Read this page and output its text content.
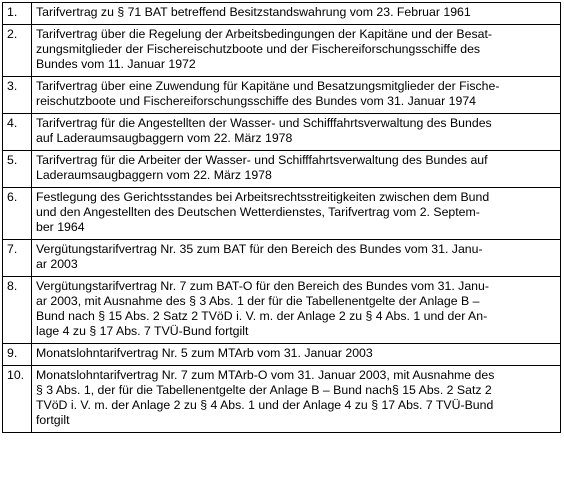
1.	Tarifvertrag zu § 71 BAT betreffend Besitzstandswahrung vom 23. Februar 1961

2.	Tarifvertrag über die Regelung der Arbeitsbedingungen der Kapitäne und der Besat-
zungsmitglieder der Fischereischutzboote und der Fischereiforschungsschiffe des
Bundes vom 11. Januar 1972

3.	Tarifvertrag über eine Zuwendung für Kapitäne und Besatzungsmitglieder der Fische-
reischutzboote und Fischereiforschungsschiffe des Bundes vom 31. Januar 1974

4.	Tarifvertrag für die Angestellten der Wasser- und Schifffahrtsverwaltung des Bundes
auf Laderaumsaugbaggern vom 22. März 1978

5.	Tarifvertrag für die Arbeiter der Wasser- und Schifffahrtsverwaltung des Bundes auf
Laderaumsaugbaggern vom 22. März 1978

6.	Festlegung des Gerichtsstandes bei Arbeitsrechtsstreitigkeiten zwischen dem Bund
und den Angestellten des Deutschen Wetterdienstes, Tarifvertrag vom 2. Septem-
ber 1964

7.	Vergütungstarifvertrag Nr. 35 zum BAT für den Bereich des Bundes vom 31. Janu-
ar 2003

8.	Vergütungstarifvertrag Nr. 7 zum BAT-O für den Bereich des Bundes vom 31. Janu-
ar 2003, mit Ausnahme des § 3 Abs. 1 der für die Tabellenentgelte der Anlage B –
Bund nach § 15 Abs. 2 Satz 2 TVöD i. V. m. der Anlage 2 zu § 4 Abs. 1 und der An-
lage 4 zu § 17 Abs. 7 TVÜ-Bund fortgilt

9.	Monatslohntarifvertrag Nr. 5 zum MTArb vom 31. Januar 2003

10.	Monatslohntarifvertrag Nr. 7 zum MTArb-O vom 31. Januar 2003, mit Ausnahme des
§ 3 Abs. 1, der für die Tabellenentgelte der Anlage B – Bund nach§ 15 Abs. 2 Satz 2
TVöD i. V. m. der Anlage 2 zu § 4 Abs. 1 und der Anlage 4 zu § 17 Abs. 7 TVÜ-Bund
fortgilt
